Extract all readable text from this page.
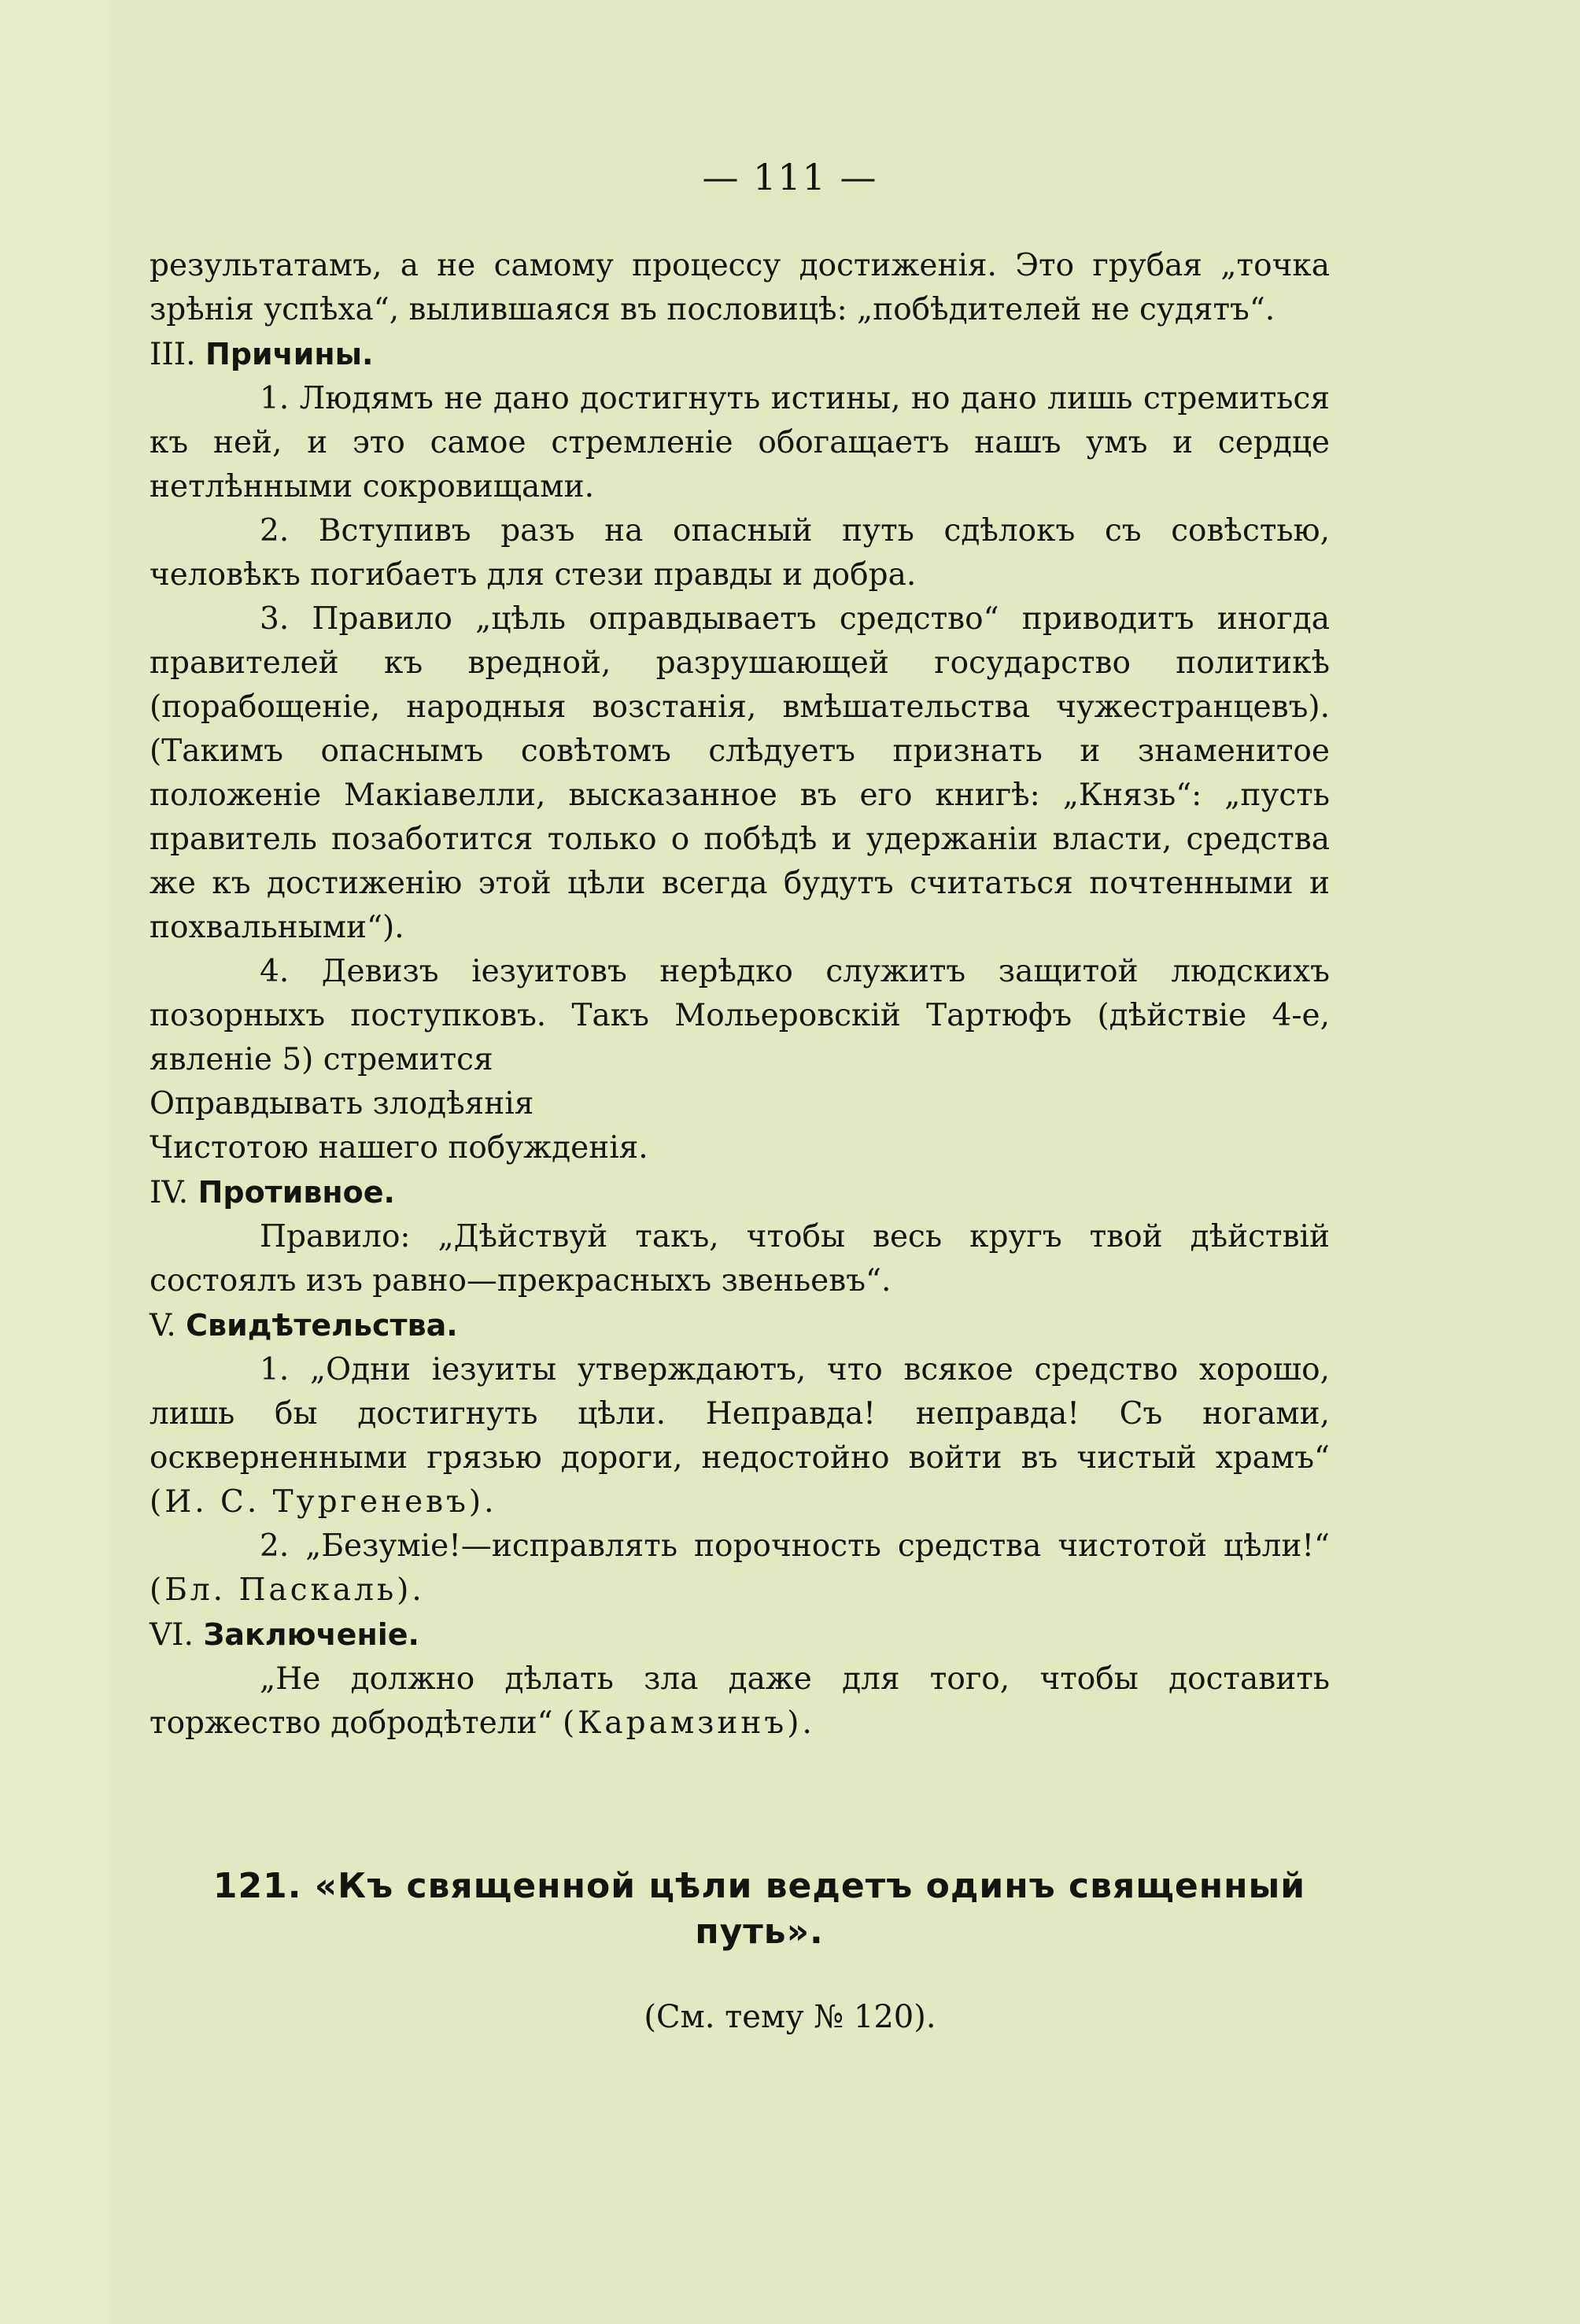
— 111 —

результатамъ, а не самому процессу достиженія. Это грубая „точка зрѣнія успѣха“, вылившаяся въ пословицѣ: „побѣдителей не судятъ“.

III. Причины.

1. Людямъ не дано достигнуть истины, но дано лишь стремиться къ ней, и это самое стремленіе обогащаетъ нашъ умъ и сердце нетлѣнными сокровищами.

2. Вступивъ разъ на опасный путь сдѣлокъ съ совѣстью, человѣкъ погибаетъ для стези правды и добра.

3. Правило „цѣль оправдываетъ средство“ приводитъ иногда правителей къ вредной, разрушающей государство политикѣ (порабощеніе, народныя возстанія, вмѣшательства чужестранцевъ). (Такимъ опаснымъ совѣтомъ слѣдуетъ признать и знаменитое положеніе Макіавелли, высказанное въ его книгѣ: „Князь“: „пусть правитель позаботится только о побѣдѣ и удержаніи власти, средства же къ достиженію этой цѣли всегда будутъ считаться почтенными и похвальными“).

4. Девизъ іезуитовъ нерѣдко служитъ защитой людскихъ позорныхъ поступковъ. Такъ Мольеровскій Тартюфъ (дѣйствіе 4-е, явленіе 5) стремится

Оправдывать злодѣянія

Чистотою нашего побужденія.

IV. Противное.

Правило: „Дѣйствуй такъ, чтобы весь кругъ твой дѣйствій состоялъ изъ равно—прекрасныхъ звеньевъ“.

V. Свидѣтельства.

1. „Одни іезуиты утверждаютъ, что всякое средство хорошо, лишь бы достигнуть цѣли. Неправда! неправда! Съ ногами, оскверненными грязью дороги, недостойно войти въ чистый храмъ“ (И. С. Тургеневъ).

2. „Безуміе!—исправлять порочность средства чистотой цѣли!“ (Бл. Паскаль).

VI. Заключеніе.

„Не должно дѣлать зла даже для того, чтобы доставить торжество добродѣтели“ (Карамзинъ).

121. «Къ священной цѣли ведетъ одинъ священный путь».
(См. тему № 120).
